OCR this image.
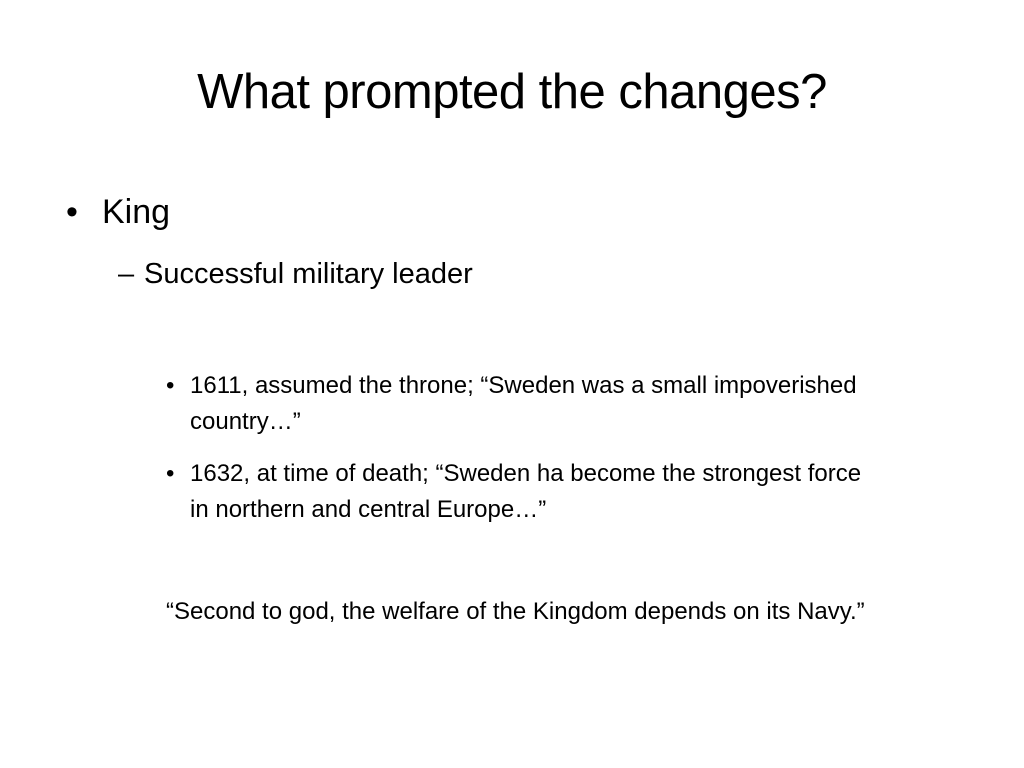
What prompted the changes?
• King
– Successful military leader
• 1611, assumed the throne; “Sweden was a small impoverished country…”
• 1632, at time of death; “Sweden ha become the strongest force in northern and central Europe…”
“Second to god, the welfare of the Kingdom depends on its Navy.”
